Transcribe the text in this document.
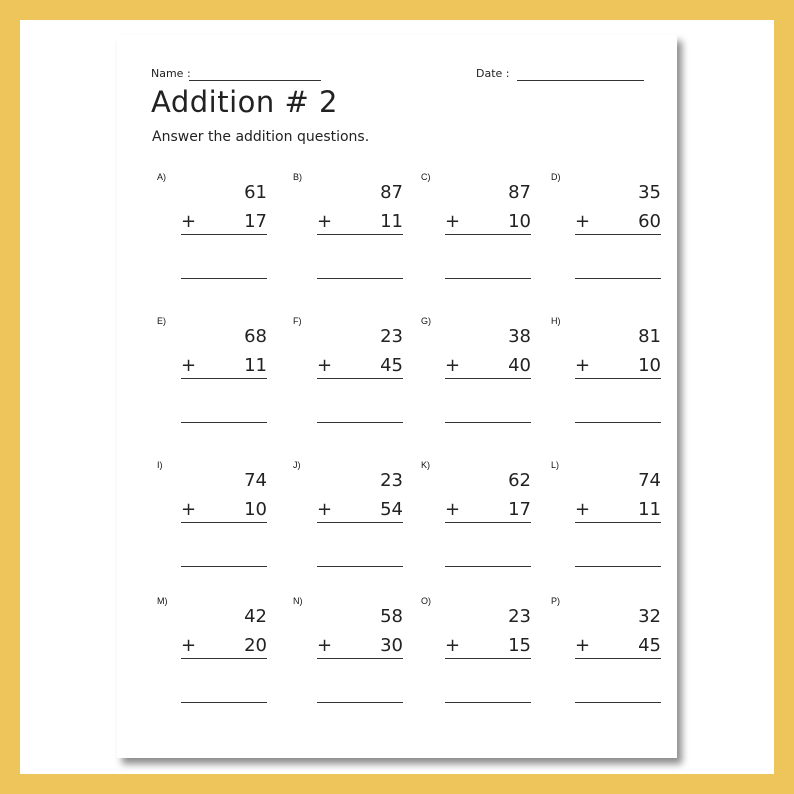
Name :	Date :
Addition # 2
Answer the addition questions.
A)
61
+	17
B)
87
+	11
C)
87
+	10
D)
35
+	60
E)
68
+	11
F)
23
+	45
G)
38
+	40
H)
81
+	10
I)
74
+	10
J)
23
+	54
K)
62
+	17
L)
74
+	11
M)
42
+	20
N)
58
+	30
O)
23
+	15
P)
32
+	45
